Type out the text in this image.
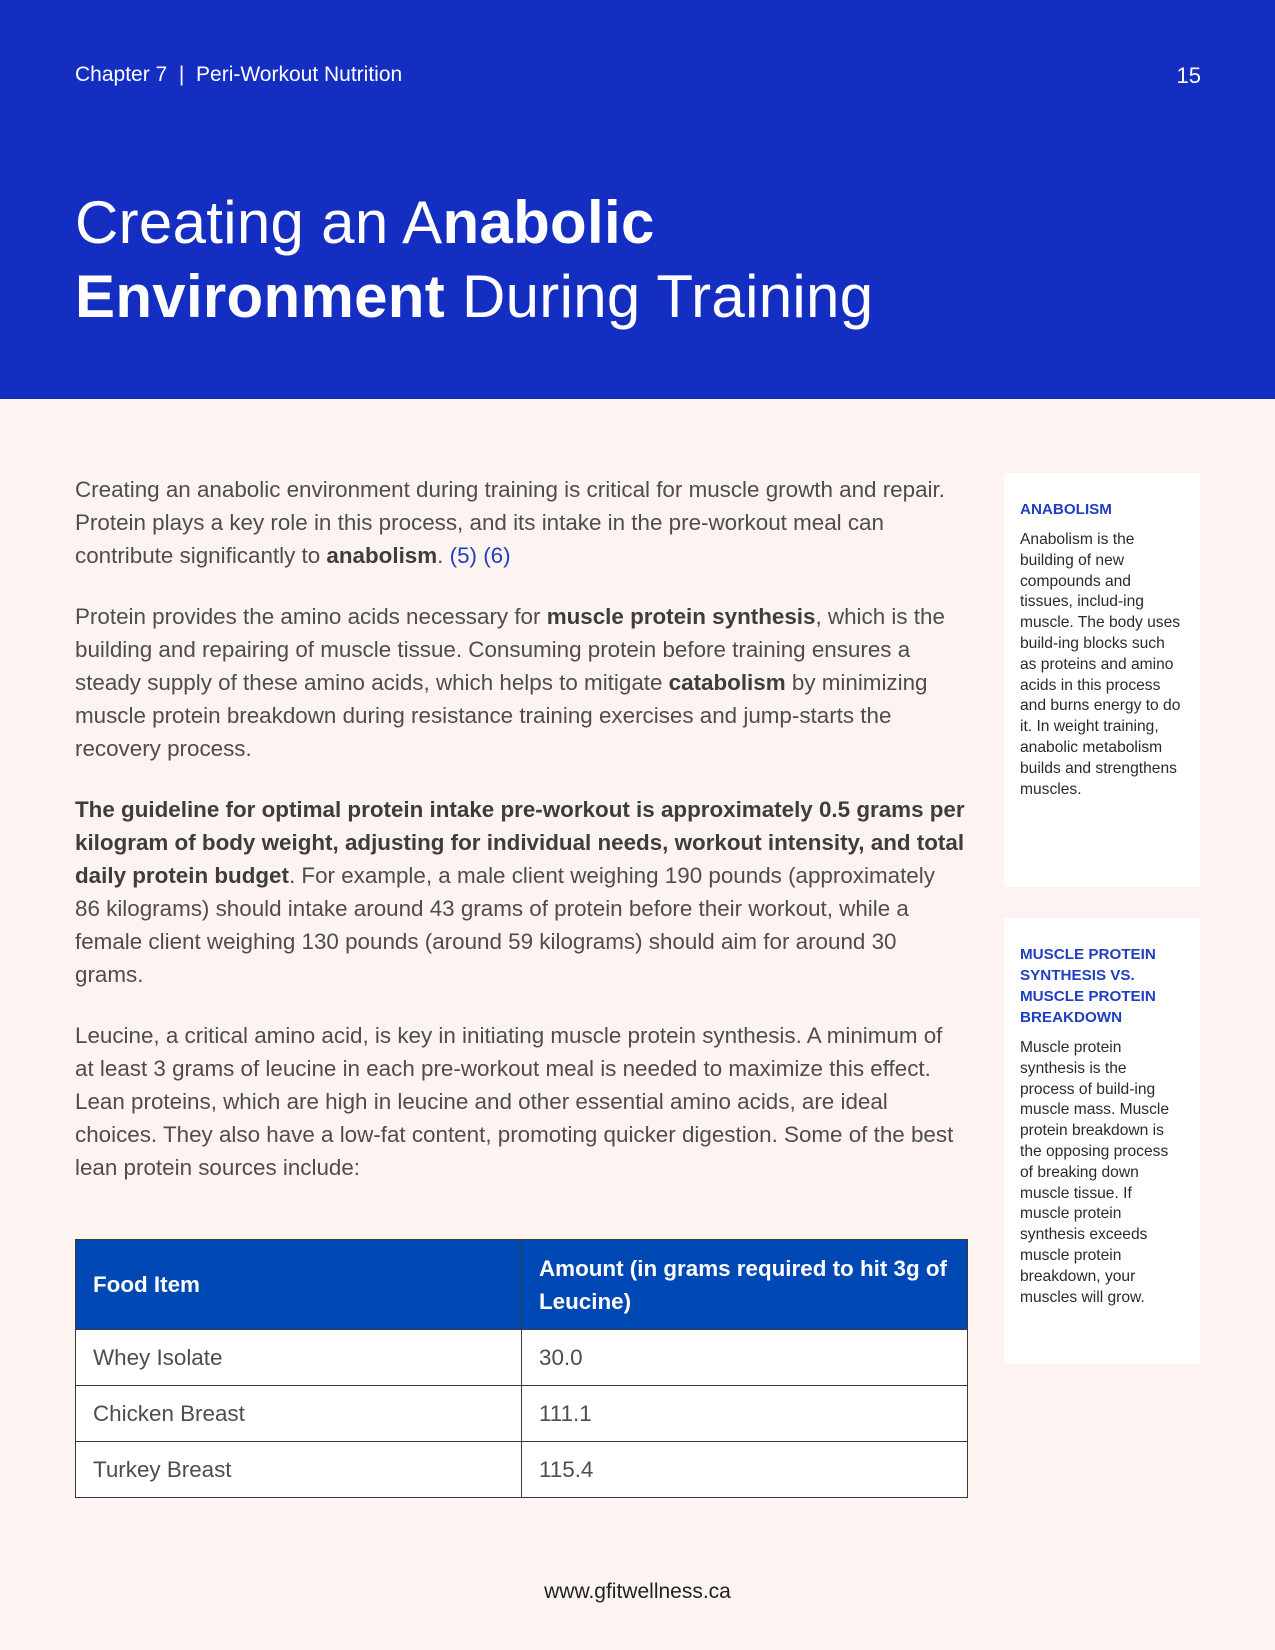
Chapter 7  |  Peri-Workout Nutrition	15
Creating an Anabolic
Environment During Training

Creating an anabolic environment during training is critical for muscle growth and repair. Protein plays a key role in this process, and its intake in the pre-workout meal can contribute significantly to anabolism. (5) (6)

Protein provides the amino acids necessary for muscle protein synthesis, which is the building and repairing of muscle tissue. Consuming protein before training ensures a steady supply of these amino acids, which helps to mitigate catabolism by minimizing muscle protein breakdown during resistance training exercises and jump-starts the recovery process.

The guideline for optimal protein intake pre-workout is approximately 0.5 grams per kilogram of body weight, adjusting for individual needs, workout intensity, and total daily protein budget. For example, a male client weighing 190 pounds (approximately 86 kilograms) should intake around 43 grams of protein before their workout, while a female client weighing 130 pounds (around 59 kilograms) should aim for around 30 grams.

Leucine, a critical amino acid, is key in initiating muscle protein synthesis. A minimum of at least 3 grams of leucine in each pre-workout meal is needed to maximize this effect. Lean proteins, which are high in leucine and other essential amino acids, are ideal choices. They also have a low-fat content, promoting quicker digestion. Some of the best lean protein sources include:

Food Item	Amount (in grams required to hit 3g of Leucine)
Whey Isolate	30.0
Chicken Breast	111.1
Turkey Breast	115.4
ANABOLISM
Anabolism is the building of new compounds and tissues, includ-ing muscle. The body uses build-ing blocks such as proteins and amino acids in this process and burns energy to do it. In weight training, anabolic metabolism builds and strengthens muscles.
MUSCLE PROTEIN SYNTHESIS VS. MUSCLE PROTEIN BREAKDOWN
Muscle protein synthesis is the process of build-ing muscle mass. Muscle protein breakdown is the opposing process of breaking down muscle tissue. If muscle protein synthesis exceeds muscle protein breakdown, your muscles will grow.
www.gfitwellness.ca
